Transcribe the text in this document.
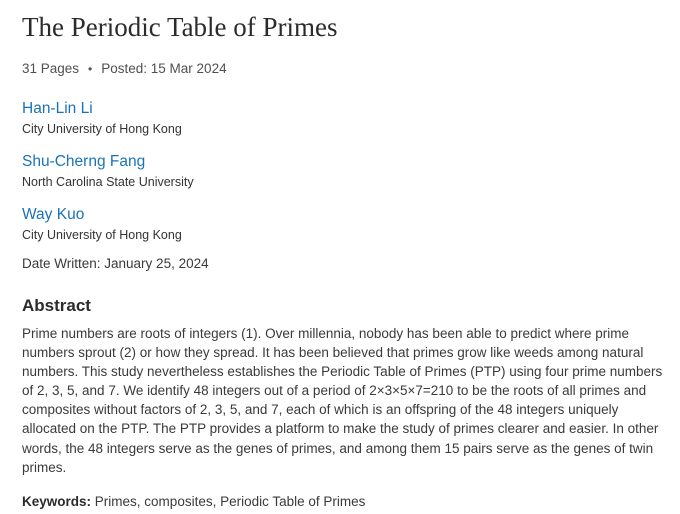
The Periodic Table of Primes
31 Pages • Posted: 15 Mar 2024
Han-Lin Li
City University of Hong Kong
Shu-Cherng Fang
North Carolina State University
Way Kuo
City University of Hong Kong
Date Written: January 25, 2024
Abstract

Prime numbers are roots of integers (1). Over millennia, nobody has been able to predict where prime numbers sprout (2) or how they spread. It has been believed that primes grow like weeds among natural numbers. This study nevertheless establishes the Periodic Table of Primes (PTP) using four prime numbers of 2, 3, 5, and 7. We identify 48 integers out of a period of 2×3×5×7=210 to be the roots of all primes and composites without factors of 2, 3, 5, and 7, each of which is an offspring of the 48 integers uniquely allocated on the PTP. The PTP provides a platform to make the study of primes clearer and easier. In other words, the 48 integers serve as the genes of primes, and among them 15 pairs serve as the genes of twin primes.

Keywords: Primes, composites, Periodic Table of Primes
